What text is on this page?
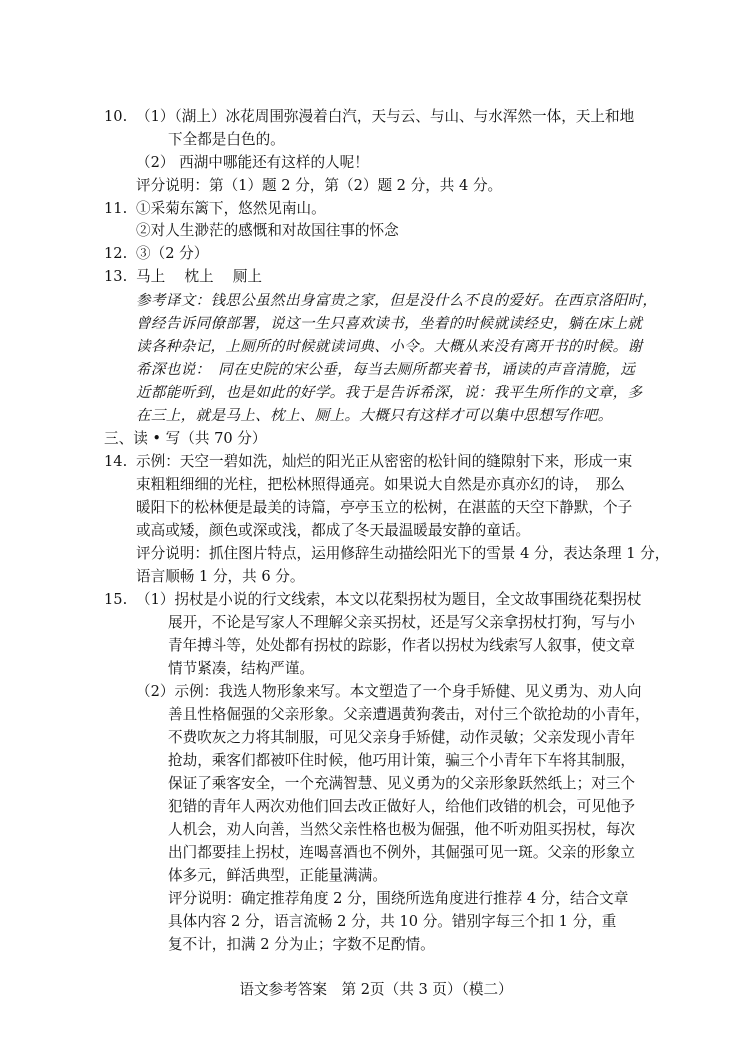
10. （1）（湖上）冰花周围弥漫着白汽，天与云、与山、与水浑然一体，天上和地
下全都是白色的。
（2） 西湖中哪能还有这样的人呢！
评分说明：第（1）题 2 分，第（2）题 2 分，共 4 分。
11. ①采菊东篱下，悠然见南山。
②对人生渺茫的感慨和对故国往事的怀念
12. ③（2 分）
13. 马上　 枕上　 厕上
参考译文：钱思公虽然出身富贵之家，但是没什么不良的爱好。在西京洛阳时，
曾经告诉同僚部署，说这一生只喜欢读书，坐着的时候就读经史，躺在床上就
读各种杂记，上厕所的时候就读词典、小令。大概从来没有离开书的时候。谢
希深也说：　同在史院的宋公垂，每当去厕所都夹着书，诵读的声音清脆，远
近都能听到，也是如此的好学。我于是告诉希深，说：我平生所作的文章，多
在三上，就是马上、枕上、厕上。大概只有这样才可以集中思想写作吧。
三、读 • 写（共 70 分）
14. 示例：天空一碧如洗，灿烂的阳光正从密密的松针间的缝隙射下来，形成一束
束粗粗细细的光柱，把松林照得通亮。如果说大自然是亦真亦幻的诗，　那么
暖阳下的松林便是最美的诗篇，亭亭玉立的松树，在湛蓝的天空下静默，个子
或高或矮，颜色或深或浅，都成了冬天最温暖最安静的童话。
评分说明：抓住图片特点，运用修辞生动描绘阳光下的雪景 4 分，表达条理 1 分，
语言顺畅 1 分，共 6 分。
15. （1）拐杖是小说的行文线索，本文以花梨拐杖为题目，全文故事围绕花梨拐杖
展开，不论是写家人不理解父亲买拐杖，还是写父亲拿拐杖打狗，写与小
青年搏斗等，处处都有拐杖的踪影，作者以拐杖为线索写人叙事，使文章
情节紧凑，结构严谨。
（2）示例：我选人物形象来写。本文塑造了一个身手矫健、见义勇为、劝人向
善且性格倔强的父亲形象。父亲遭遇黄狗袭击，对付三个欲抢劫的小青年，
不费吹灰之力将其制服，可见父亲身手矫健，动作灵敏；父亲发现小青年
抢劫，乘客们都被吓住时候，他巧用计策，骗三个小青年下车将其制服，
保证了乘客安全，一个充满智慧、见义勇为的父亲形象跃然纸上；对三个
犯错的青年人两次劝他们回去改正做好人，给他们改错的机会，可见他予
人机会，劝人向善，当然父亲性格也极为倔强，他不听劝阻买拐杖，每次
出门都要挂上拐杖，连喝喜酒也不例外，其倔强可见一斑。父亲的形象立
体多元，鲜活典型，正能量满满。
评分说明：确定推荐角度 2 分，围绕所选角度进行推荐 4 分，结合文章
具体内容 2 分，语言流畅 2 分，共 10 分。错别字每三个扣 1 分，重
复不计，扣满 2 分为止；字数不足酌情。
语文参考答案　第 2页（共 3 页）（模二）
